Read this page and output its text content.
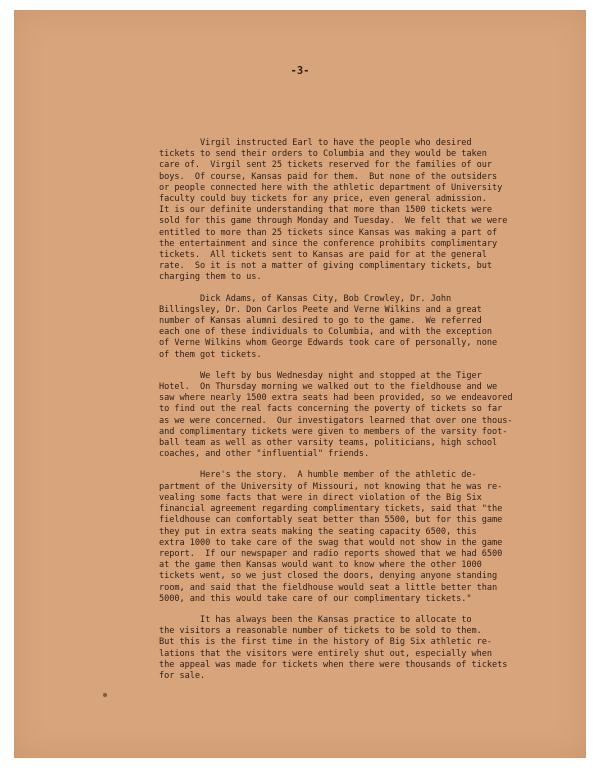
-3-
Virgil instructed Earl to have the people who desired
tickets to send their orders to Columbia and they would be taken
care of.  Virgil sent 25 tickets reserved for the families of our
boys.  Of course, Kansas paid for them.  But none of the outsiders
or people connected here with the athletic department of University
faculty could buy tickets for any price, even general admission.
It is our definite understanding that more than 1500 tickets were
sold for this game through Monday and Tuesday.  We felt that we were
entitled to more than 25 tickets since Kansas was making a part of
the entertainment and since the conference prohibits complimentary
tickets.  All tickets sent to Kansas are paid for at the general
rate.  So it is not a matter of giving complimentary tickets, but
charging them to us.
Dick Adams, of Kansas City, Bob Crowley, Dr. John
Billingsley, Dr. Don Carlos Peete and Verne Wilkins and a great
number of Kansas alumni desired to go to the game.  We referred
each one of these individuals to Columbia, and with the exception
of Verne Wilkins whom George Edwards took care of personally, none
of them got tickets.
We left by bus Wednesday night and stopped at the Tiger
Hotel.  On Thursday morning we walked out to the fieldhouse and we
saw where nearly 1500 extra seats had been provided, so we endeavored
to find out the real facts concerning the poverty of tickets so far
as we were concerned.  Our investigators learned that over one thous-
and complimentary tickets were given to members of the varsity foot-
ball team as well as other varsity teams, politicians, high school
coaches, and other "influential" friends.
Here's the story.  A humble member of the athletic de-
partment of the University of Missouri, not knowing that he was re-
vealing some facts that were in direct violation of the Big Six
financial agreement regarding complimentary tickets, said that "the
fieldhouse can comfortably seat better than 5500, but for this game
they put in extra seats making the seating capacity 6500, this
extra 1000 to take care of the swag that would not show in the game
report.  If our newspaper and radio reports showed that we had 6500
at the game then Kansas would want to know where the other 1000
tickets went, so we just closed the doors, denying anyone standing
room, and said that the fieldhouse would seat a little better than
5000, and this would take care of our complimentary tickets."
It has always been the Kansas practice to allocate to
the visitors a reasonable number of tickets to be sold to them.
But this is the first time in the history of Big Six athletic re-
lations that the visitors were entirely shut out, especially when
the appeal was made for tickets when there were thousands of tickets
for sale.
